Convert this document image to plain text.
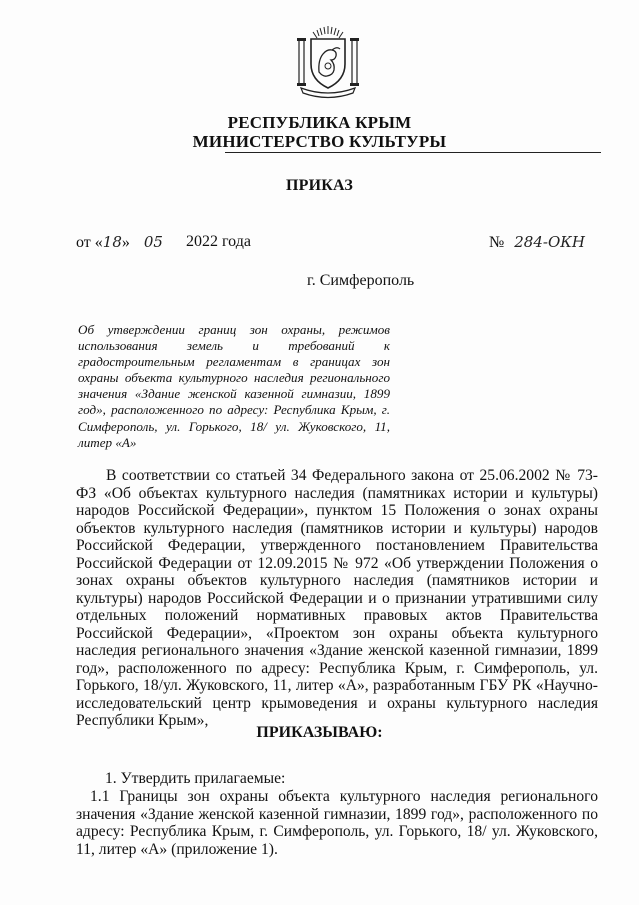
РЕСПУБЛИКА КРЫМ
МИНИСТЕРСТВО КУЛЬТУРЫ
ПРИКАЗ
от «18» 05 2022 года	№ 284-ОКН
г. Симферополь
Об утверждении границ зон охраны, режимов использования земель и требований к градостроительным регламентам в границах зон охраны объекта культурного наследия регионального значения «Здание женской казенной гимназии, 1899 год», расположенного по адресу: Республика Крым, г. Симферополь, ул. Горького, 18/ ул. Жуковского, 11, литер «А»
В соответствии со статьей 34 Федерального закона от 25.06.2002 № 73-ФЗ «Об объектах культурного наследия (памятниках истории и культуры) народов Российской Федерации», пунктом 15 Положения о зонах охраны объектов культурного наследия (памятников истории и культуры) народов Российской Федерации, утвержденного постановлением Правительства Российской Федерации от 12.09.2015 № 972 «Об утверждении Положения о зонах охраны объектов культурного наследия (памятников истории и культуры) народов Российской Федерации и о признании утратившими силу отдельных положений нормативных правовых актов Правительства Российской Федерации», «Проектом зон охраны объекта культурного наследия регионального значения «Здание женской казенной гимназии, 1899 год», расположенного по адресу: Республика Крым, г. Симферополь, ул. Горького, 18/ул. Жуковского, 11, литер «А», разработанным ГБУ РК «Научно-исследовательский центр крымоведения и охраны культурного наследия Республики Крым»,
ПРИКАЗЫВАЮ:
1. Утвердить прилагаемые:
1.1 Границы зон охраны объекта культурного наследия регионального значения «Здание женской казенной гимназии, 1899 год», расположенного по адресу: Республика Крым, г. Симферополь, ул. Горького, 18/ ул. Жуковского, 11, литер «А» (приложение 1).
